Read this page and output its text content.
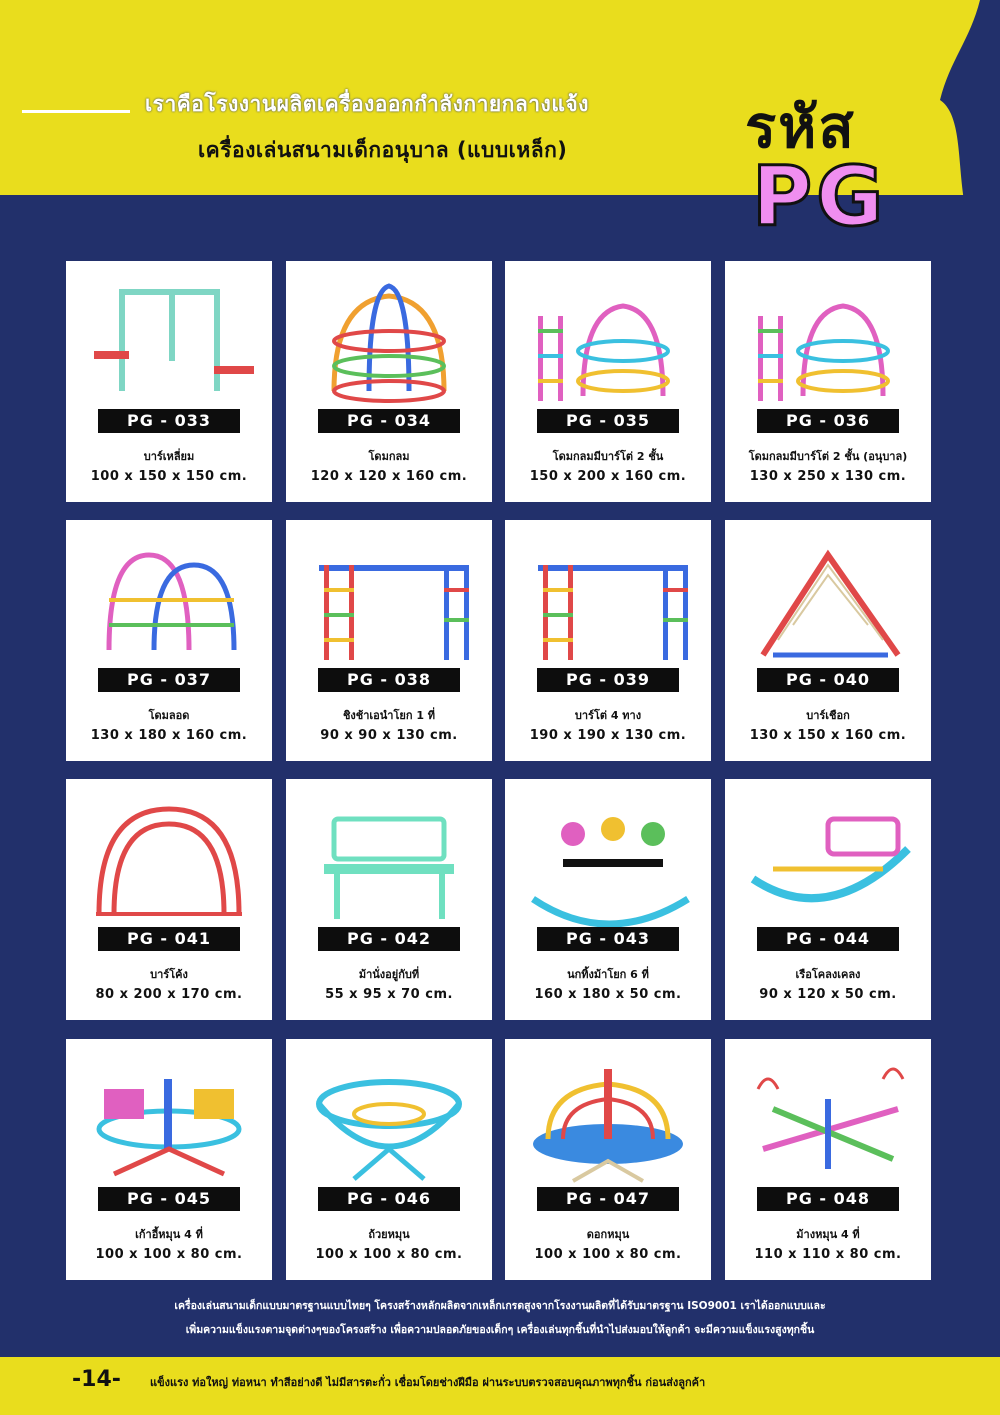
เราคือโรงงานผลิตเครื่องออกกำลังกายกลางแจ้ง
เครื่องเล่นสนามเด็กอนุบาล (แบบเหล็ก)	รหัส
PG
PG - 033
บาร์เหลี่ยม
100 x 150 x 150 cm.
PG - 034
โดมกลม
120 x 120 x 160 cm.
PG - 035
โดมกลมมีบาร์โต่ 2 ชั้น
150 x 200 x 160 cm.
PG - 036
โดมกลมมีบาร์โต่ 2 ชั้น (อนุบาล)
130 x 250 x 130 cm.
PG - 037
โดมลอด
130 x 180 x 160 cm.
PG - 038
ชิงช้าเอนำโยก 1 ที่
90 x 90 x 130 cm.
PG - 039
บาร์โต่ 4 ทาง
190 x 190 x 130 cm.
PG - 040
บาร์เชือก
130 x 150 x 160 cm.
PG - 041
บาร์โค้ง
80 x 200 x 170 cm.
PG - 042
ม้านั่งอยู่กับที่
55 x 95 x 70 cm.
PG - 043
นกทิ้งม้าโยก 6 ที่
160 x 180 x 50 cm.
PG - 044
เรือโคลงเคลง
90 x 120 x 50 cm.
PG - 045
เก้าอี้หมุน 4 ที่
100 x 100 x 80 cm.
PG - 046
ถ้วยหมุน
100 x 100 x 80 cm.
PG - 047
ดอกหมุน
100 x 100 x 80 cm.
PG - 048
ม้างหมุน 4 ที่
110 x 110 x 80 cm.
เครื่องเล่นสนามเด็กแบบมาตรฐานแบบไทยๆ โครงสร้างหลักผลิตจากเหล็กเกรดสูงจากโรงงานผลิตที่ได้รับมาตรฐาน ISO9001 เราได้ออกแบบและ
เพิ่มความแข็งแรงตามจุดต่างๆของโครงสร้าง เพื่อความปลอดภัยของเด็กๆ เครื่องเล่นทุกชิ้นที่นำไปส่งมอบให้ลูกค้า จะมีความแข็งแรงสูงทุกชิ้น
-14-	แข็งแรง ท่อใหญ่ ท่อหนา ทำสีอย่างดี ไม่มีสารตะกั่ว เชื่อมโดยช่างฝีมือ ผ่านระบบตรวจสอบคุณภาพทุกชิ้น ก่อนส่งลูกค้า
